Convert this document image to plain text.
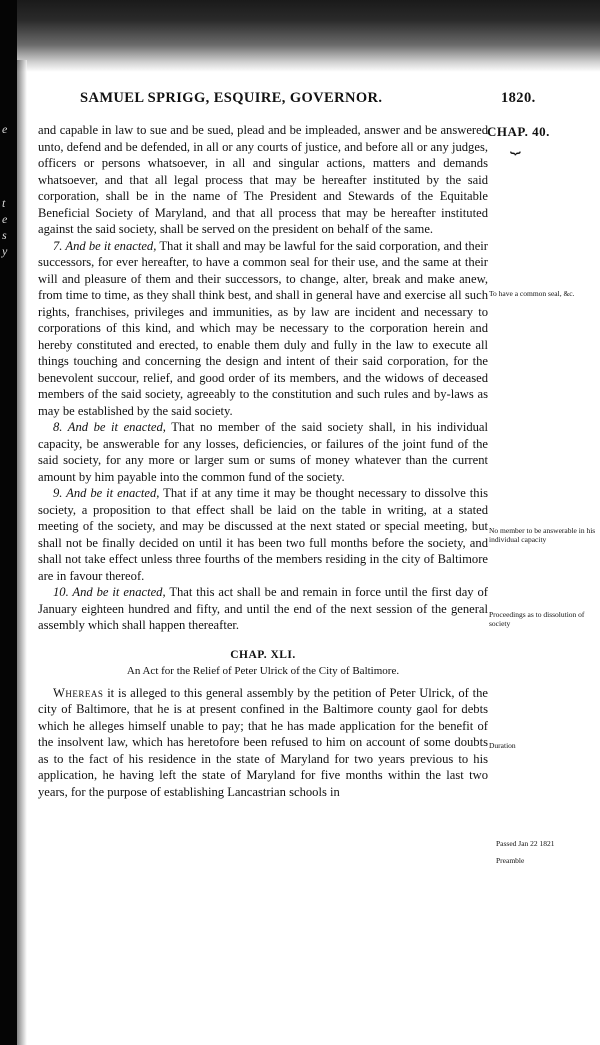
e
t
e
s
y
SAMUEL SPRIGG, ESQUIRE, GOVERNOR.	1820.
CHAP. 40.
⏟

and capable in law to sue and be sued, plead and be impleaded, answer and be answered unto, defend and be defended, in all or any courts of justice, and before all or any judges, officers or persons whatsoever, in all and singular actions, matters and demands whatsoever, and that all legal process that may be hereafter instituted by the said corporation, shall be in the name of The President and Stewards of the Equitable Beneficial Society of Maryland, and that all process that may be hereafter instituted against the said society, shall be served on the president on behalf of the same.

7. And be it enacted, That it shall and may be lawful for the said corporation, and their successors, for ever hereafter, to have a common seal for their use, and the same at their will and pleasure of them and their successors, to change, alter, break and make anew, from time to time, as they shall think best, and shall in general have and exercise all such rights, franchises, privileges and immunities, as by law are incident and necessary to corporations of this kind, and which may be necessary to the corporation herein and hereby constituted and erected, to enable them duly and fully in the law to execute all things touching and concerning the design and intent of their said corporation, for the benevolent succour, relief, and good order of its members, and the widows of deceased members of the said society, agreeably to the constitution and such rules and by-laws as may be established by the said society.

8. And be it enacted, That no member of the said society shall, in his individual capacity, be answerable for any losses, deficiencies, or failures of the joint fund of the said society, for any more or larger sum or sums of money whatever than the current amount by him payable into the common fund of the society.

9. And be it enacted, That if at any time it may be thought necessary to dissolve this society, a proposition to that effect shall be laid on the table in writing, at a stated meeting of the society, and may be discussed at the next stated or special meeting, but shall not be finally decided on until it has been two full months before the society, and shall not take effect unless three fourths of the members residing in the city of Baltimore are in favour thereof.

10. And be it enacted, That this act shall be and remain in force until the first day of January eighteen hundred and fifty, and until the end of the next session of the general assembly which shall happen thereafter.

CHAP. XLI.
An Act for the Relief of Peter Ulrick of the City of Baltimore.

Whereas it is alleged to this general assembly by the petition of Peter Ulrick, of the city of Baltimore, that he is at present confined in the Baltimore county gaol for debts which he alleges himself unable to pay; that he has made application for the benefit of the insolvent law, which has heretofore been refused to him on account of some doubts as to the fact of his residence in the state of Maryland for two years previous to his application, he having left the state of Maryland for five months within the last two years, for the purpose of establishing Lancastrian schools in

To have a common seal, &c.
No member to be answerable in his individual capacity
Proceedings as to dissolution of society
Duration
Passed Jan 22 1821
Preamble
